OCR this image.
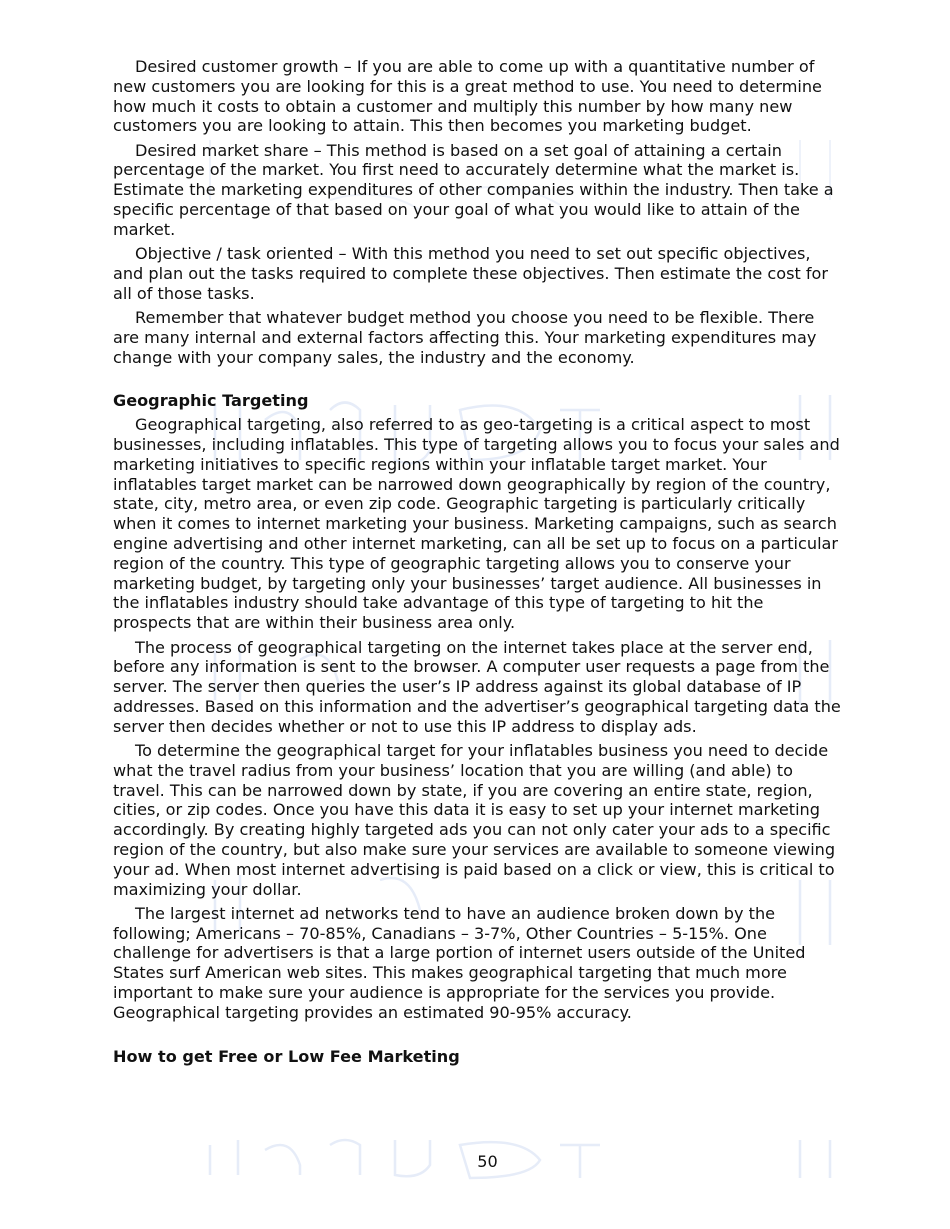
Desired customer growth – If you are able to come up with a quantitative number of new customers you are looking for this is a great method to use. You need to determine how much it costs to obtain a customer and multiply this number by how many new customers you are looking to attain. This then becomes you marketing budget.

Desired market share – This method is based on a set goal of attaining a certain percentage of the market. You first need to accurately determine what the market is. Estimate the marketing expenditures of other companies within the industry. Then take a specific percentage of that based on your goal of what you would like to attain of the market.

Objective / task oriented – With this method you need to set out specific objectives, and plan out the tasks required to complete these objectives. Then estimate the cost for all of those tasks.

Remember that whatever budget method you choose you need to be flexible. There are many internal and external factors affecting this. Your marketing expenditures may change with your company sales, the industry and the economy.

Geographic Targeting

Geographical targeting, also referred to as geo-targeting is a critical aspect to most businesses, including inflatables. This type of targeting allows you to focus your sales and marketing initiatives to specific regions within your inflatable target market. Your inflatables target market can be narrowed down geographically by region of the country, state, city, metro area, or even zip code. Geographic targeting is particularly critically when it comes to internet marketing your business. Marketing campaigns, such as search engine advertising and other internet marketing, can all be set up to focus on a particular region of the country. This type of geographic targeting allows you to conserve your marketing budget, by targeting only your businesses’ target audience. All businesses in the inflatables industry should take advantage of this type of targeting to hit the prospects that are within their business area only.

The process of geographical targeting on the internet takes place at the server end, before any information is sent to the browser. A computer user requests a page from the server. The server then queries the user’s IP address against its global database of IP addresses. Based on this information and the advertiser’s geographical targeting data the server then decides whether or not to use this IP address to display ads.

To determine the geographical target for your inflatables business you need to decide what the travel radius from your business’ location that you are willing (and able) to travel. This can be narrowed down by state, if you are covering an entire state, region, cities, or zip codes. Once you have this data it is easy to set up your internet marketing accordingly. By creating highly targeted ads you can not only cater your ads to a specific region of the country, but also make sure your services are available to someone viewing your ad. When most internet advertising is paid based on a click or view, this is critical to maximizing your dollar.

The largest internet ad networks tend to have an audience broken down by the following; Americans – 70-85%, Canadians – 3-7%, Other Countries – 5-15%. One challenge for advertisers is that a large portion of internet users outside of the United States surf American web sites. This makes geographical targeting that much more important to make sure your audience is appropriate for the services you provide. Geographical targeting provides an estimated 90-95% accuracy.

How to get Free or Low Fee Marketing
50
